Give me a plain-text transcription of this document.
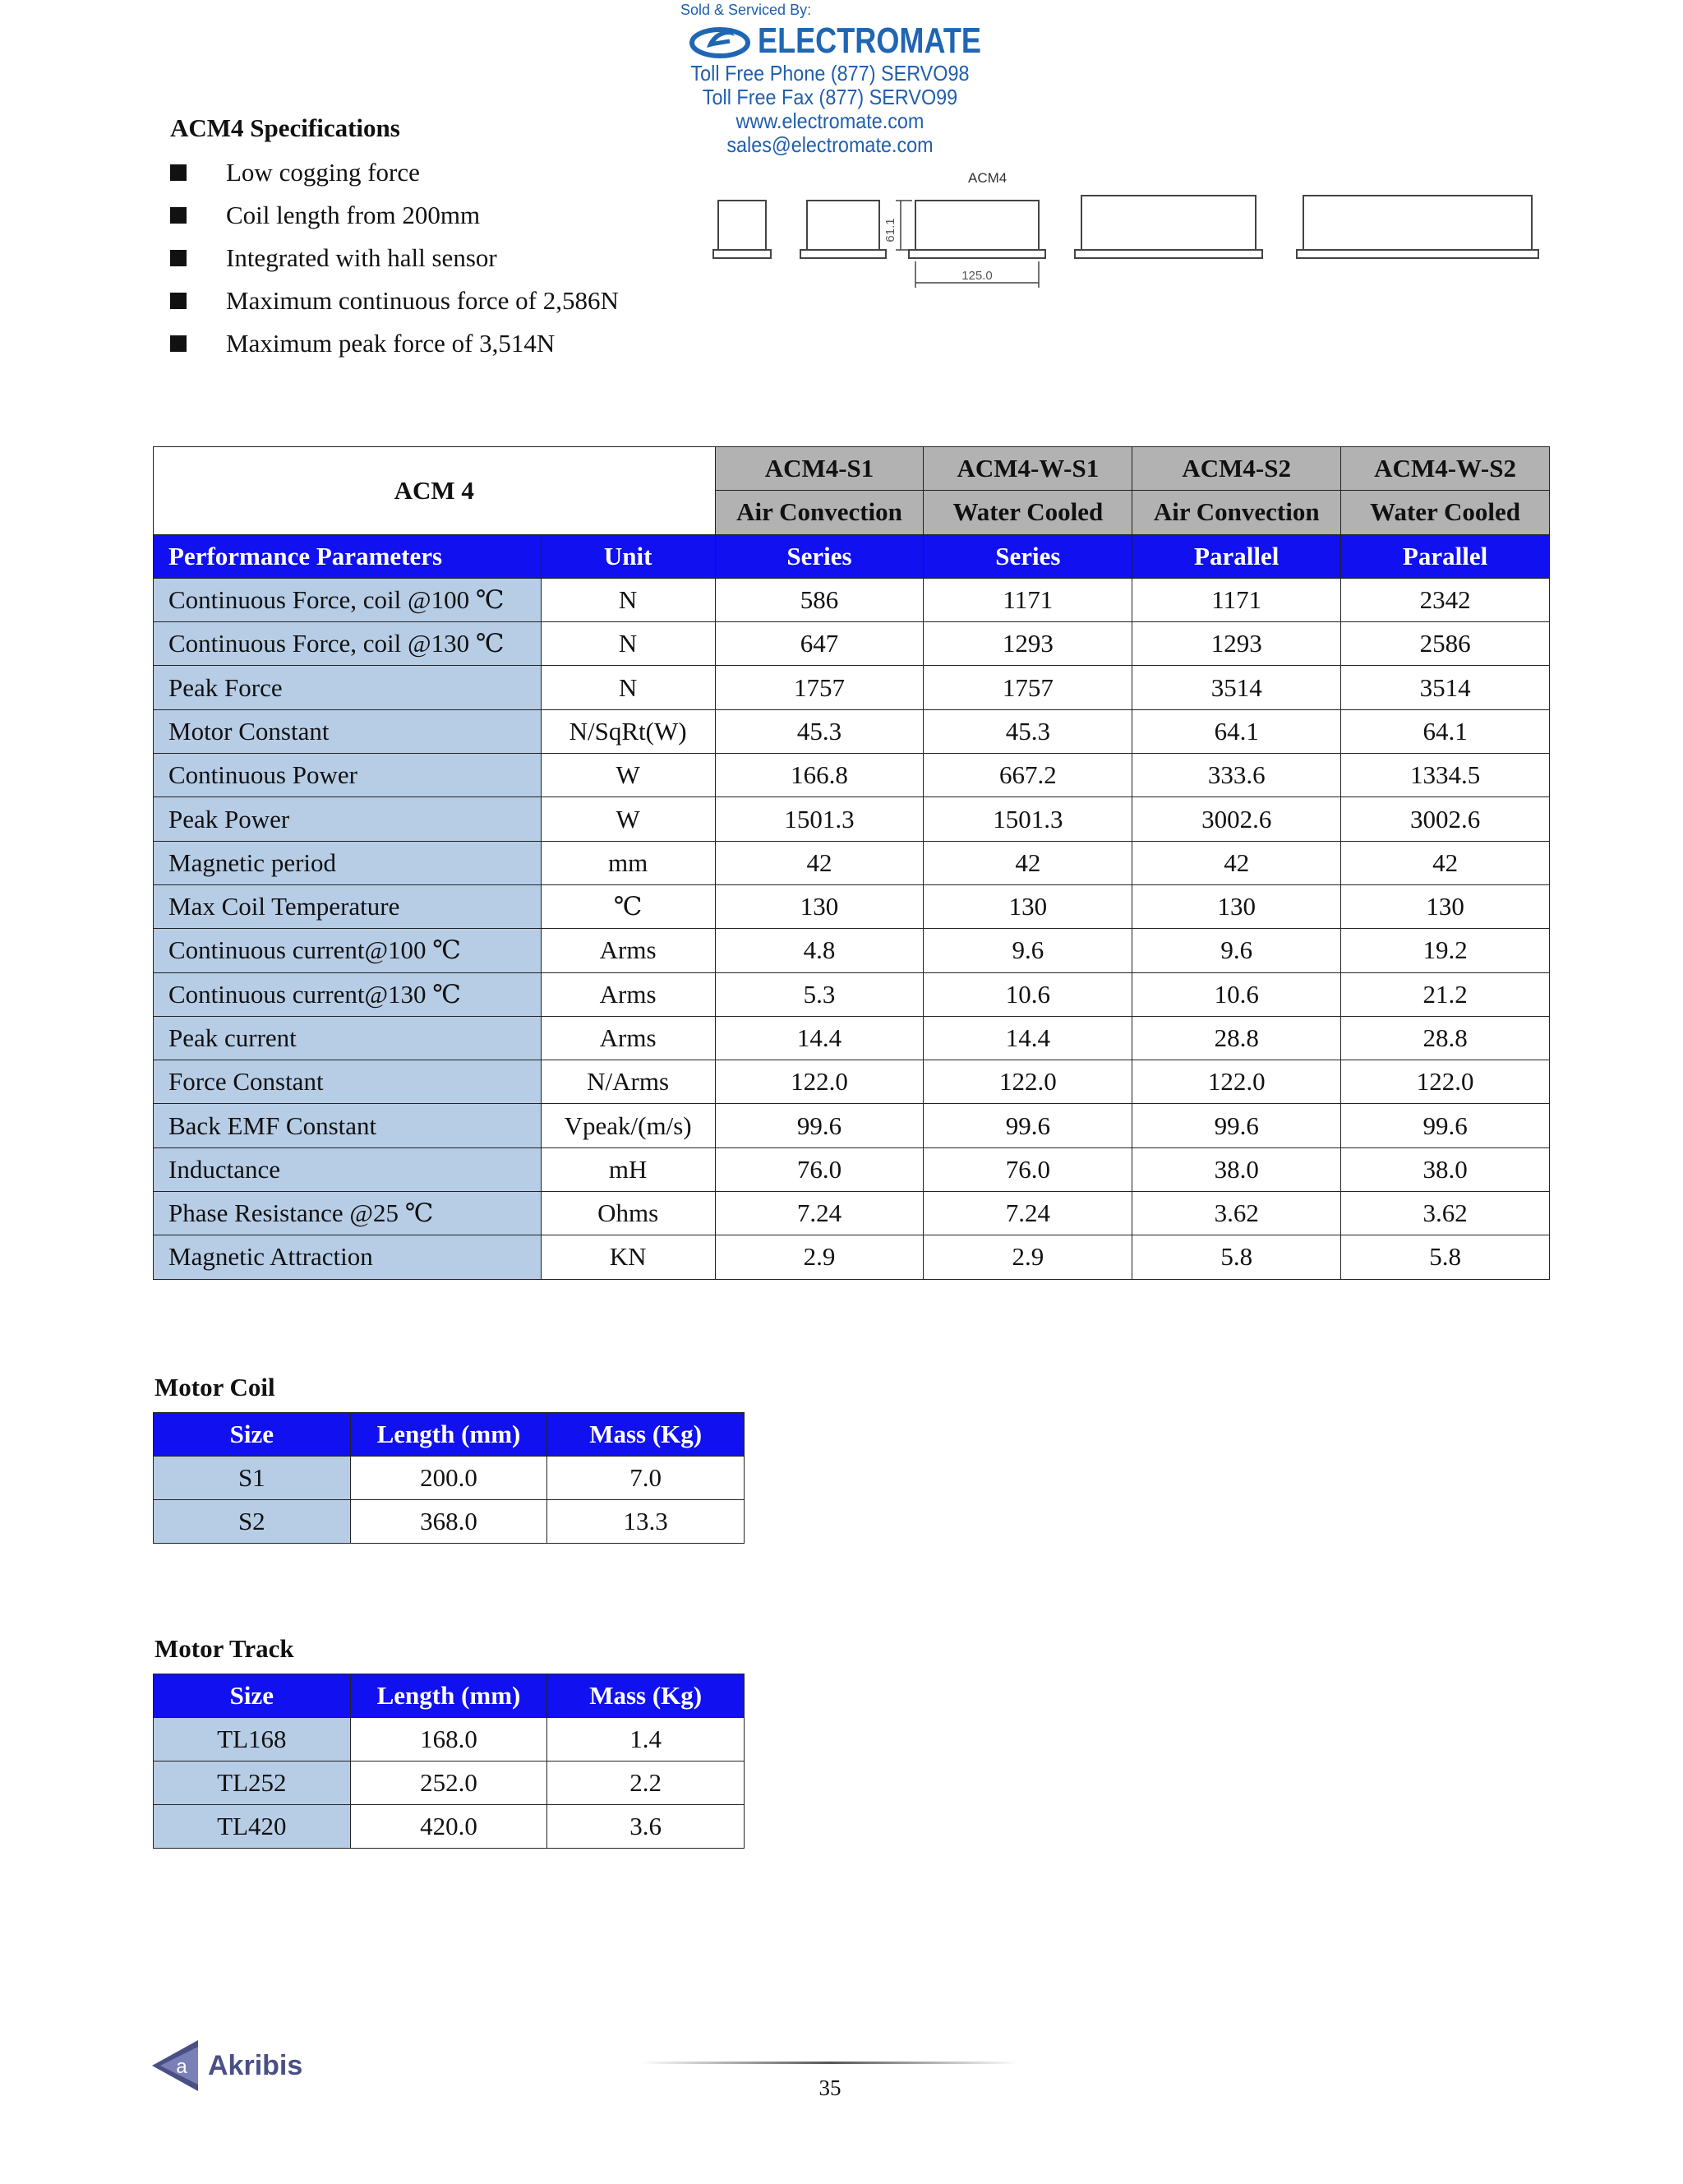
Sold & Serviced By:
ELECTROMATE
Toll Free Phone (877) SERVO98
Toll Free Fax (877) SERVO99
www.electromate.com
sales@electromate.com
ACM4 Specifications
Low cogging force
Coil length from 200mm
Integrated with hall sensor
Maximum continuous force of 2,586N
Maximum peak force of 3,514N
ACM4
61.1
125.0
ACM 4		ACM4-S1	ACM4-W-S1	ACM4-S2	ACM4-W-S2
		Air Convection	Water Cooled	Air Convection	Water Cooled
Performance Parameters	Unit	Series	Series	Parallel	Parallel
Continuous Force, coil @100 ℃	N	586	1171	1171	2342
Continuous Force, coil @130 ℃	N	647	1293	1293	2586
Peak Force	N	1757	1757	3514	3514
Motor Constant	N/SqRt(W)	45.3	45.3	64.1	64.1
Continuous Power	W	166.8	667.2	333.6	1334.5
Peak Power	W	1501.3	1501.3	3002.6	3002.6
Magnetic period	mm	42	42	42	42
Max Coil Temperature	℃	130	130	130	130
Continuous current@100 ℃	Arms	4.8	9.6	9.6	19.2
Continuous current@130 ℃	Arms	5.3	10.6	10.6	21.2
Peak current	Arms	14.4	14.4	28.8	28.8
Force Constant	N/Arms	122.0	122.0	122.0	122.0
Back EMF Constant	Vpeak/(m/s)	99.6	99.6	99.6	99.6
Inductance	mH	76.0	76.0	38.0	38.0
Phase Resistance @25 ℃	Ohms	7.24	7.24	3.62	3.62
Magnetic Attraction	KN	2.9	2.9	5.8	5.8
Motor Coil
Size	Length (mm)	Mass (Kg)
S1	200.0	7.0
S2	368.0	13.3
Motor Track
Size	Length (mm)	Mass (Kg)
TL168	168.0	1.4
TL252	252.0	2.2
TL420	420.0	3.6
a Akribis
35
